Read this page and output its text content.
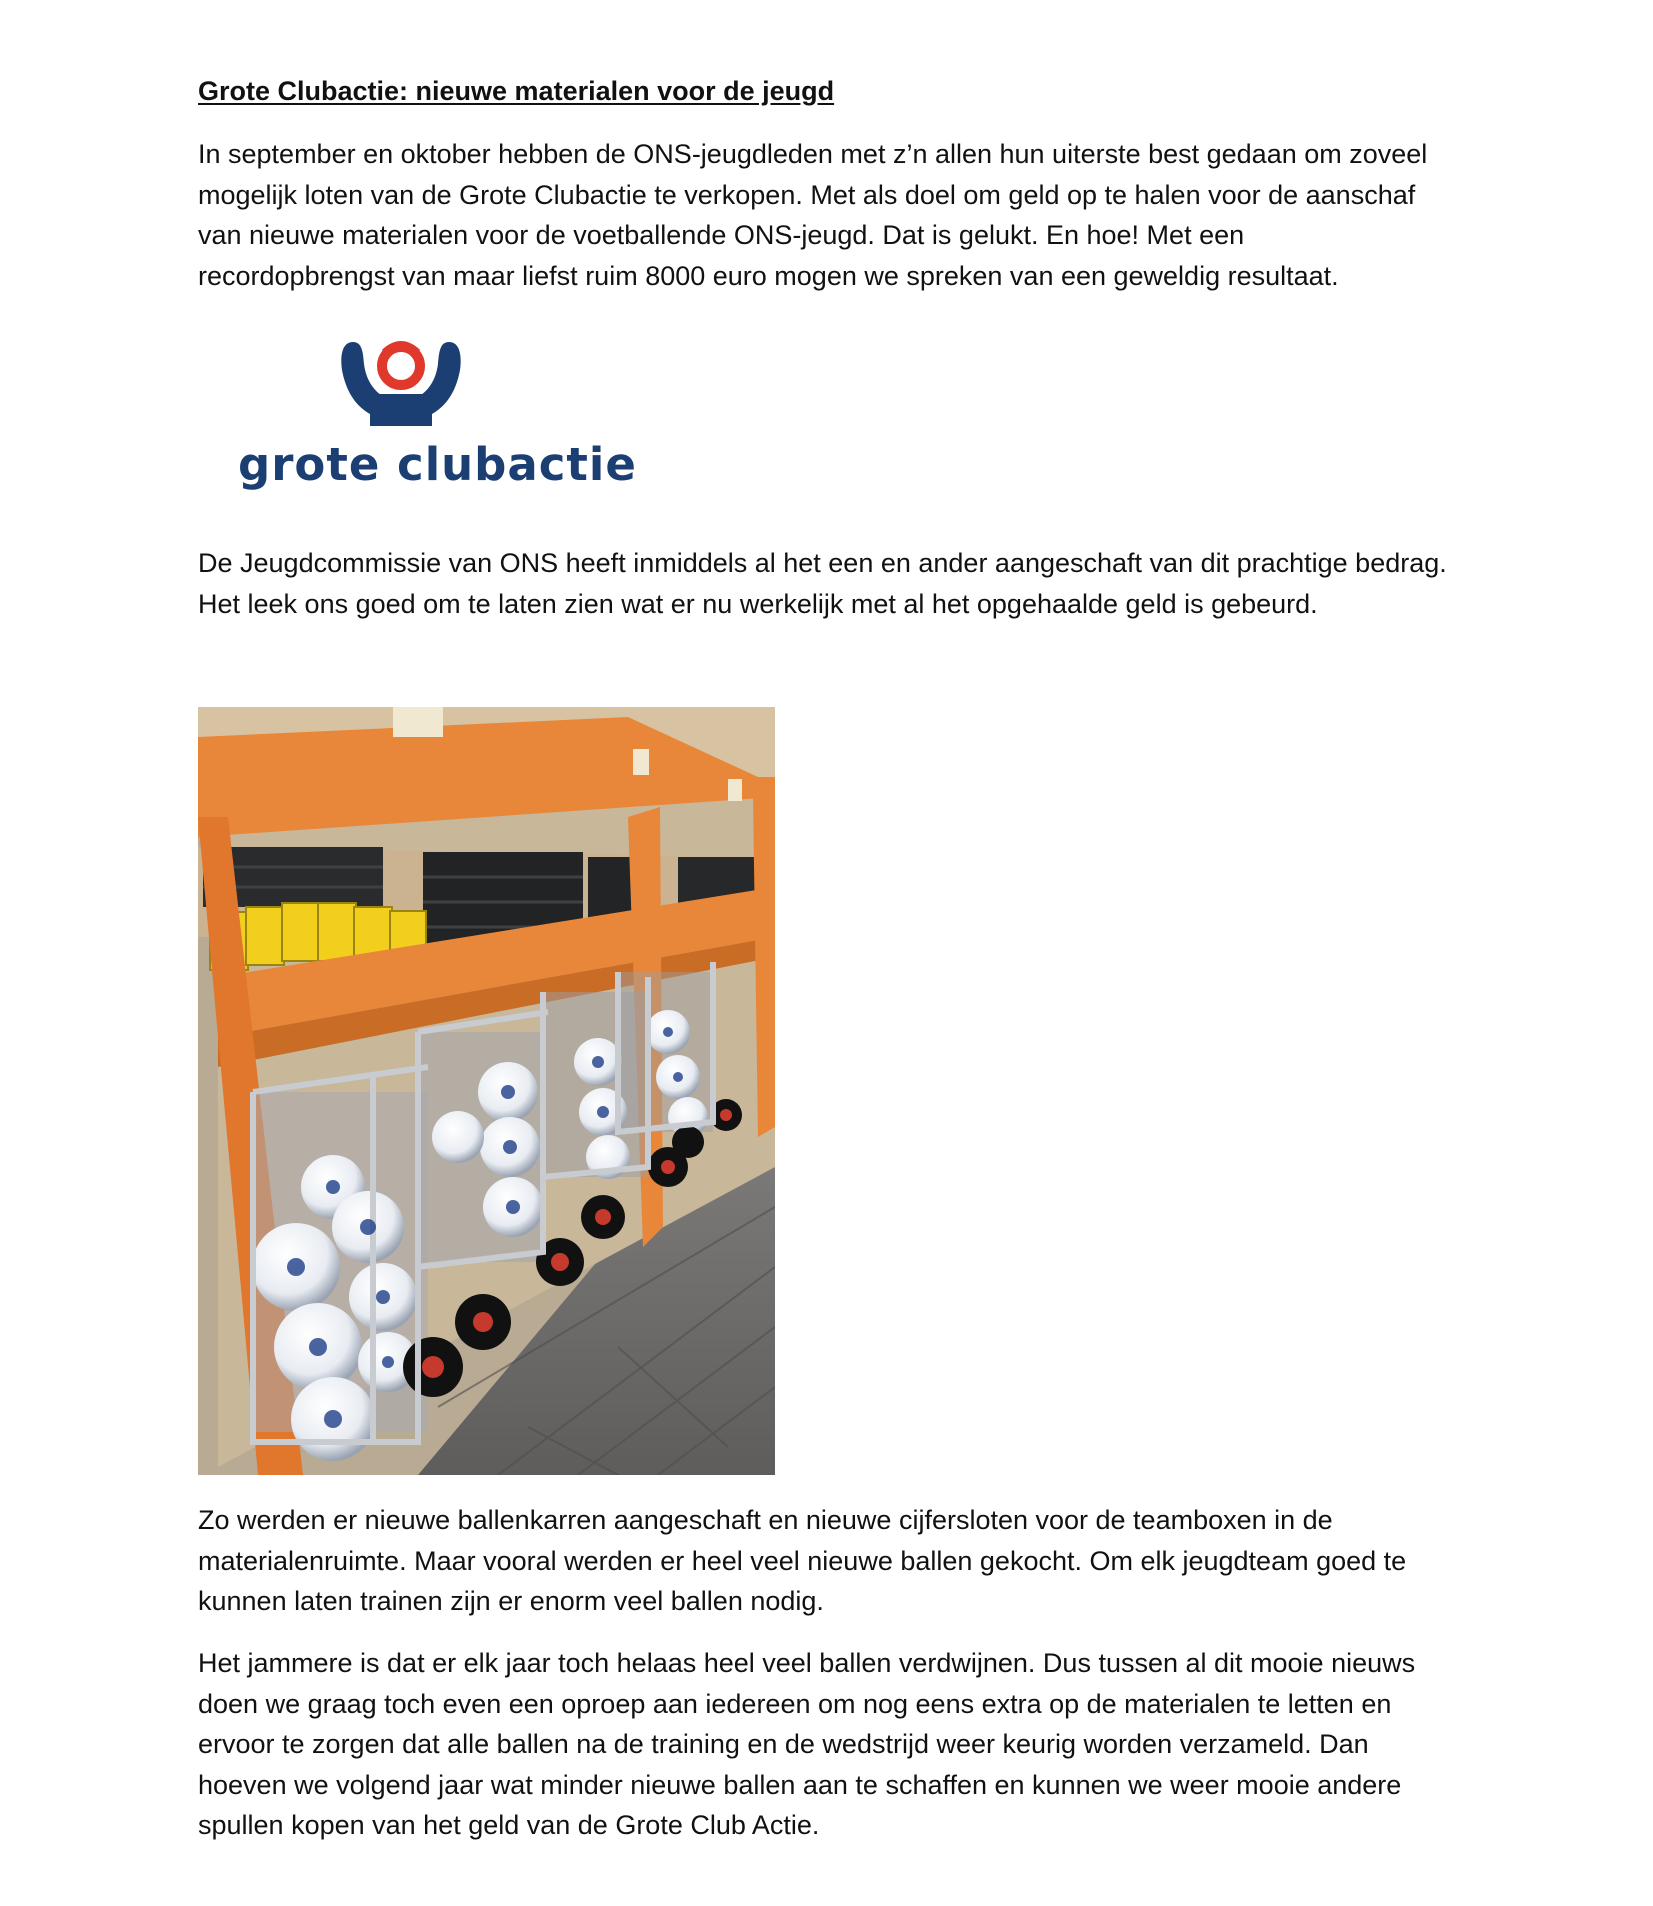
Grote Clubactie: nieuwe materialen voor de jeugd

In september en oktober hebben de ONS-jeugdleden met z’n allen hun uiterste best gedaan om zoveel mogelijk loten van de Grote Clubactie te verkopen. Met als doel om geld op te halen voor de aanschaf van nieuwe materialen voor de voetballende ONS-jeugd. Dat is gelukt. En hoe! Met een recordopbrengst van maar liefst ruim 8000 euro mogen we spreken van een geweldig resultaat.

grote clubactie

De Jeugdcommissie van ONS heeft inmiddels al het een en ander aangeschaft van dit prachtige bedrag. Het leek ons goed om te laten zien wat er nu werkelijk met al het opgehaalde geld is gebeurd.

Zo werden er nieuwe ballenkarren aangeschaft en nieuwe cijfersloten voor de teamboxen in de materialenruimte. Maar vooral werden er heel veel nieuwe ballen gekocht. Om elk jeugdteam goed te kunnen laten trainen zijn er enorm veel ballen nodig.

Het jammere is dat er elk jaar toch helaas heel veel ballen verdwijnen. Dus tussen al dit mooie nieuws doen we graag toch even een oproep aan iedereen om nog eens extra op de materialen te letten en ervoor te zorgen dat alle ballen na de training en de wedstrijd weer keurig worden verzameld. Dan hoeven we volgend jaar wat minder nieuwe ballen aan te schaffen en kunnen we weer mooie andere spullen kopen van het geld van de Grote Club Actie.
